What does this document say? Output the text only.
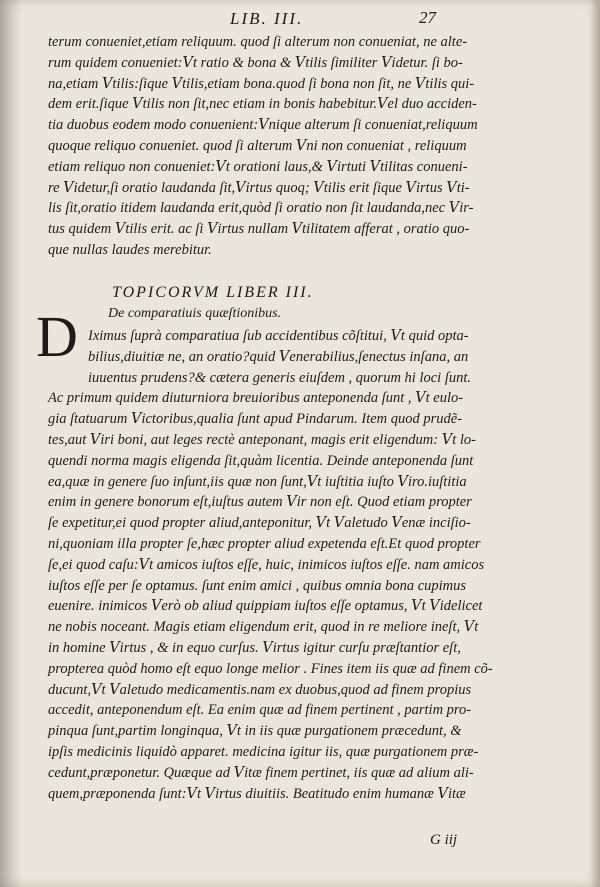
LIB. III.	27
terum conueniet,etiam reliquum. quod ſi alterum non conueniat, ne alte-
rum quidem conueniet:Ⅴt ratio & bona & Ⅴtilis ſimiliter Ⅴidetur. ſi bo-
na,etiam Ⅴtilis:ſique Ⅴtilis,etiam bona.quod ſi bona non ſit, ne Ⅴtilis qui-
dem erit.ſique Ⅴtilis non ſit,nec etiam in bonis habebitur.Ⅴel duo acciden-
tia duobus eodem modo conuenient:Ⅴnique alterum ſi conueniat,reliquum
quoque reliquo conueniet. quod ſi alterum Ⅴni non conueniat , reliquum
etiam reliquo non conueniet:Ⅴt orationi laus,& Ⅴirtuti Ⅴtilitas conueni-
re Ⅴidetur,ſi oratio laudanda ſit,Ⅴirtus quoq; Ⅴtilis erit ſique Ⅴirtus Ⅴti-
lis ſit,oratio itidem laudanda erit,quòd ſi oratio non ſit laudanda,nec Ⅴir-
tus quidem Ⅴtilis erit. ac ſi Ⅴirtus nullam Ⅴtilitatem afferat , oratio quo-
que nullas laudes merebitur.
TOPICORVM LIBER III.
De comparatiuis quæſtionibus.
D Iximus ſuprà comparatiua ſub accidentibus cõſtitui, Ⅴt quid opta-
bilius,diuitiæ ne, an oratio?quid Ⅴenerabilius,ſenectus inſana, an
iuuentus prudens?& cætera generis eiuſdem , quorum hi loci ſunt.
Ac primum quidem diuturniora breuioribus anteponenda ſunt , Ⅴt eulo-
gia ſtatuarum Ⅴictoribus,qualia ſunt apud Pindarum. Item quod prudẽ-
tes,aut Ⅴiri boni, aut leges rectè anteponant, magis erit eligendum: Ⅴt lo-
quendi norma magis eligenda ſit,quàm licentia. Deinde anteponenda ſunt
ea,quæ in genere ſuo inſunt,iis quæ non ſunt,Ⅴt iuſtitia iuſto Ⅴiro.iuſtitia
enim in genere bonorum eſt,iuſtus autem Ⅴir non eſt. Quod etiam propter
ſe expetitur,ei quod propter aliud,anteponitur, Ⅴt Ⅴaletudo Ⅴenæ inciſio-
ni,quoniam illa propter ſe,hæc propter aliud expetenda eſt.Et quod propter
ſe,ei quod caſu:Ⅴt amicos iuſtos eſſe, huic, inimicos iuſtos eſſe. nam amicos
iuſtos eſſe per ſe optamus. ſunt enim amici , quibus omnia bona cupimus
euenire. inimicos Ⅴerò ob aliud quippiam iuſtos eſſe optamus, Ⅴt Ⅴidelicet
ne nobis noceant. Magis etiam eligendum erit, quod in re meliore ineſt, Ⅴt
in homine Ⅴirtus , & in equo curſus. Ⅴirtus igitur curſu præſtantior eſt,
propterea quòd homo eſt equo longe melior . Fines item iis quæ ad finem cõ-
ducunt,Ⅴt Ⅴaletudo medicamentis.nam ex duobus,quod ad finem propius
accedit, anteponendum eſt. Ea enim quæ ad finem pertinent , partim pro-
pinqua ſunt,partim longinqua, Ⅴt in iis quæ purgationem præcedunt, &
ipſis medicinis liquidò apparet. medicina igitur iis, quæ purgationem præ-
cedunt,præponetur. Quæque ad Ⅴitæ finem pertinet, iis quæ ad alium ali-
quem,præponenda ſunt:Ⅴt Ⅴirtus diuitiis. Beatitudo enim humanæ Ⅴitæ
G iij
